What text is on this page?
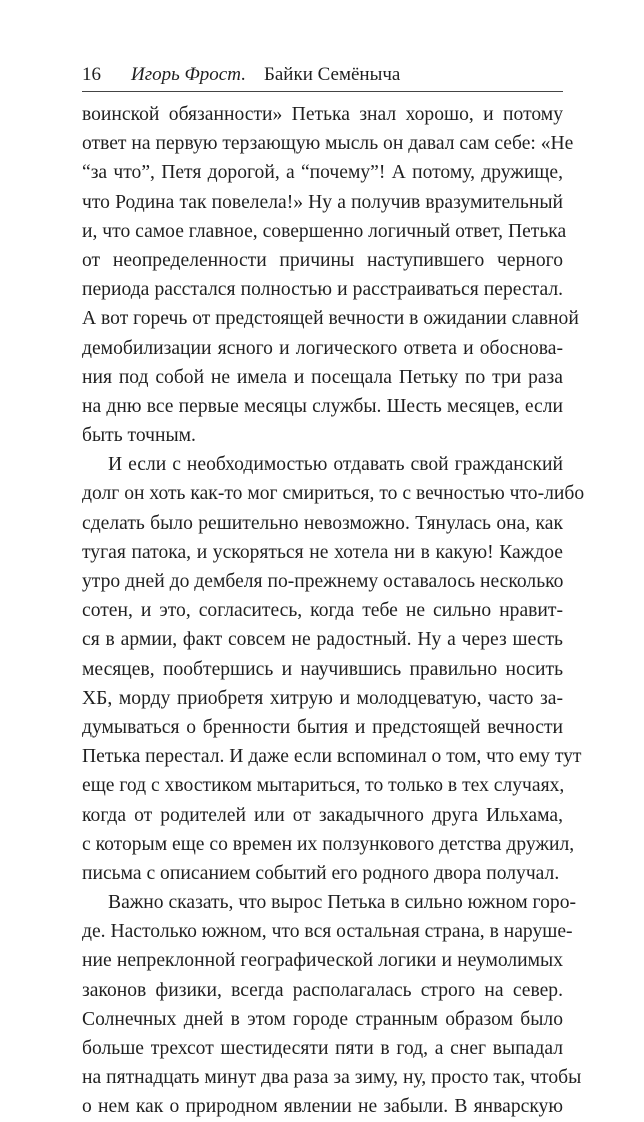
16 Игорь Фрост. Байки Семёныча
воинской обязанности» Петька знал хорошо, и потому
ответ на первую терзающую мысль он давал сам себе: «Не
“за что”, Петя дорогой, а “почему”! А потому, дружище,
что Родина так повелела!» Ну а получив вразумительный
и, что самое главное, совершенно логичный ответ, Петька
от неопределенности причины наступившего черного
периода расстался полностью и расстраиваться перестал.
А вот горечь от предстоящей вечности в ожидании славной
демобилизации ясного и логического ответа и обоснова-
ния под собой не имела и посещала Петьку по три раза
на дню все первые месяцы службы. Шесть месяцев, если
быть точным.
И если с необходимостью отдавать свой гражданский
долг он хоть как-то мог смириться, то с вечностью что-либо
сделать было решительно невозможно. Тянулась она, как
тугая патока, и ускоряться не хотела ни в какую! Каждое
утро дней до дембеля по-прежнему оставалось несколько
сотен, и это, согласитесь, когда тебе не сильно нравит-
ся в армии, факт совсем не радостный. Ну а через шесть
месяцев, пообтершись и научившись правильно носить
ХБ, морду приобретя хитрую и молодцеватую, часто за-
думываться о бренности бытия и предстоящей вечности
Петька перестал. И даже если вспоминал о том, что ему тут
еще год с хвостиком мытариться, то только в тех случаях,
когда от родителей или от закадычного друга Ильхама,
с которым еще со времен их ползункового детства дружил,
письма с описанием событий его родного двора получал.
Важно сказать, что вырос Петька в сильно южном горо-
де. Настолько южном, что вся остальная страна, в наруше-
ние непреклонной географической логики и неумолимых
законов физики, всегда располагалась строго на север.
Солнечных дней в этом городе странным образом было
больше трехсот шестидесяти пяти в год, а снег выпадал
на пятнадцать минут два раза за зиму, ну, просто так, чтобы
о нем как о природном явлении не забыли. В январскую
